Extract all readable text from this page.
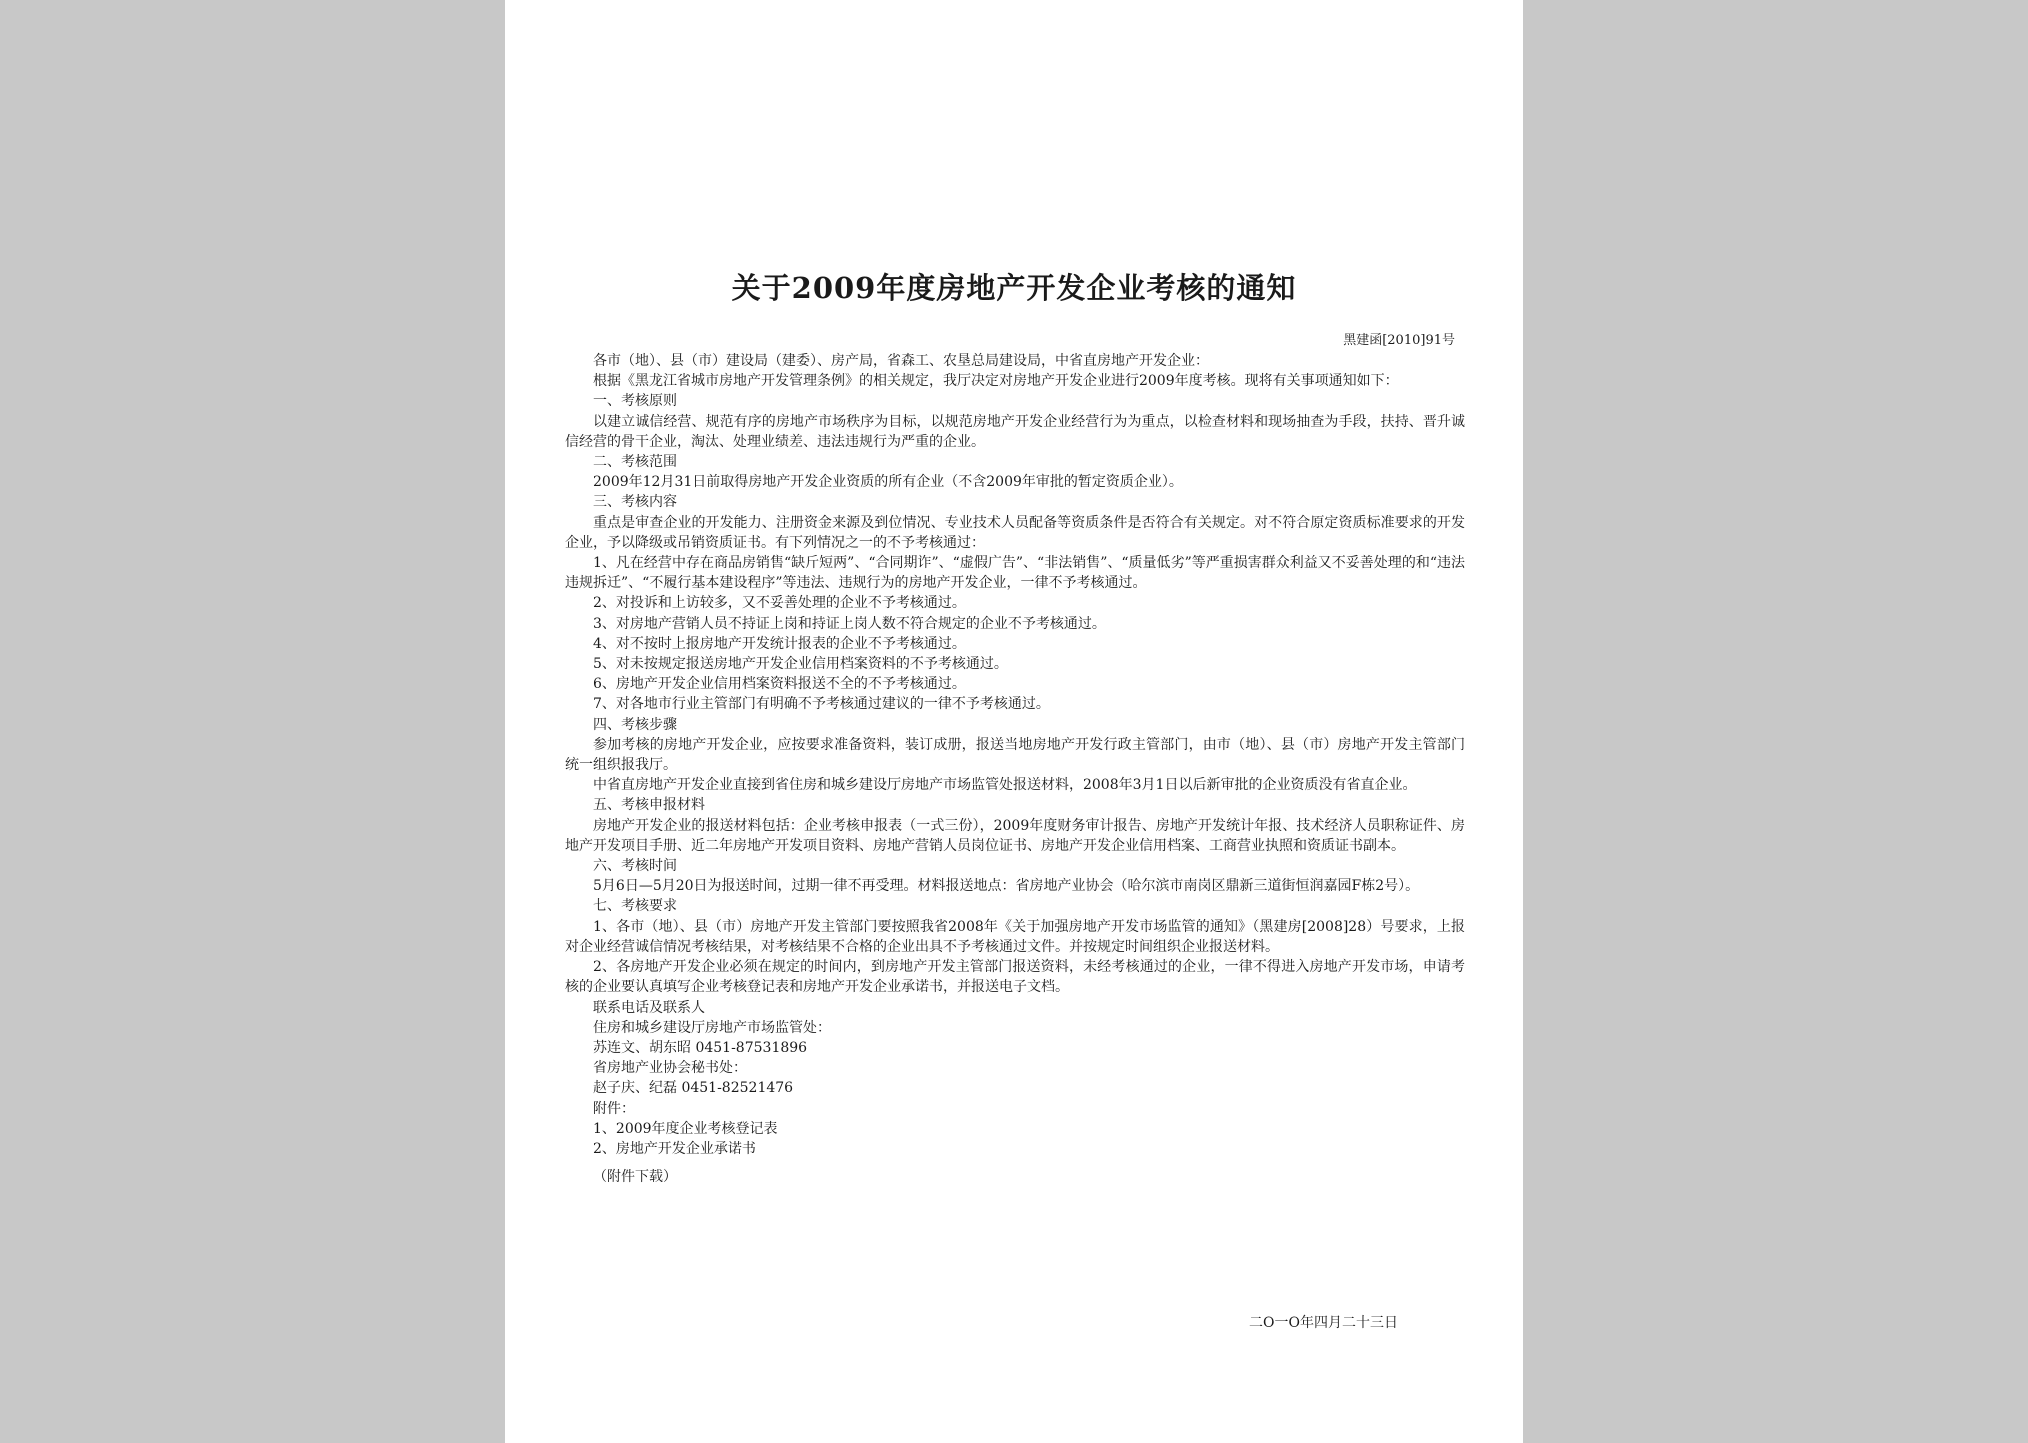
关于2009年度房地产开发企业考核的通知
黑建函[2010]91号

各市（地）、县（市）建设局（建委）、房产局，省森工、农垦总局建设局，中省直房地产开发企业：

根据《黑龙江省城市房地产开发管理条例》的相关规定，我厅决定对房地产开发企业进行2009年度考核。现将有关事项通知如下：

一、考核原则

以建立诚信经营、规范有序的房地产市场秩序为目标，以规范房地产开发企业经营行为为重点，以检查材料和现场抽查为手段，扶持、晋升诚信经营的骨干企业，淘汰、处理业绩差、违法违规行为严重的企业。

二、考核范围

2009年12月31日前取得房地产开发企业资质的所有企业（不含2009年审批的暂定资质企业）。

三、考核内容

重点是审查企业的开发能力、注册资金来源及到位情况、专业技术人员配备等资质条件是否符合有关规定。对不符合原定资质标准要求的开发企业，予以降级或吊销资质证书。有下列情况之一的不予考核通过：

1、凡在经营中存在商品房销售“缺斤短两”、“合同期诈”、“虚假广告”、“非法销售”、“质量低劣”等严重损害群众利益又不妥善处理的和“违法违规拆迁”、“不履行基本建设程序”等违法、违规行为的房地产开发企业，一律不予考核通过。

2、对投诉和上访较多，又不妥善处理的企业不予考核通过。

3、对房地产营销人员不持证上岗和持证上岗人数不符合规定的企业不予考核通过。

4、对不按时上报房地产开发统计报表的企业不予考核通过。

5、对未按规定报送房地产开发企业信用档案资料的不予考核通过。

6、房地产开发企业信用档案资料报送不全的不予考核通过。

7、对各地市行业主管部门有明确不予考核通过建议的一律不予考核通过。

四、考核步骤

参加考核的房地产开发企业，应按要求准备资料，装订成册，报送当地房地产开发行政主管部门，由市（地）、县（市）房地产开发主管部门统一组织报我厅。

中省直房地产开发企业直接到省住房和城乡建设厅房地产市场监管处报送材料，2008年3月1日以后新审批的企业资质没有省直企业。

五、考核申报材料

房地产开发企业的报送材料包括：企业考核申报表（一式三份），2009年度财务审计报告、房地产开发统计年报、技术经济人员职称证件、房地产开发项目手册、近二年房地产开发项目资料、房地产营销人员岗位证书、房地产开发企业信用档案、工商营业执照和资质证书副本。

六、考核时间

5月6日—5月20日为报送时间，过期一律不再受理。材料报送地点：省房地产业协会（哈尔滨市南岗区鼎新三道街恒润嘉园F栋2号）。

七、考核要求

1、各市（地）、县（市）房地产开发主管部门要按照我省2008年《关于加强房地产开发市场监管的通知》（黑建房[2008]28）号要求，上报对企业经营诚信情况考核结果，对考核结果不合格的企业出具不予考核通过文件。并按规定时间组织企业报送材料。

2、各房地产开发企业必须在规定的时间内，到房地产开发主管部门报送资料，未经考核通过的企业，一律不得进入房地产开发市场，申请考核的企业要认真填写企业考核登记表和房地产开发企业承诺书，并报送电子文档。

联系电话及联系人

住房和城乡建设厅房地产市场监管处：

苏连文、胡东昭 0451-87531896

省房地产业协会秘书处：

赵子庆、纪磊 0451-82521476

附件：

1、2009年度企业考核登记表

2、房地产开发企业承诺书

（附件下载）

二O一O年四月二十三日
